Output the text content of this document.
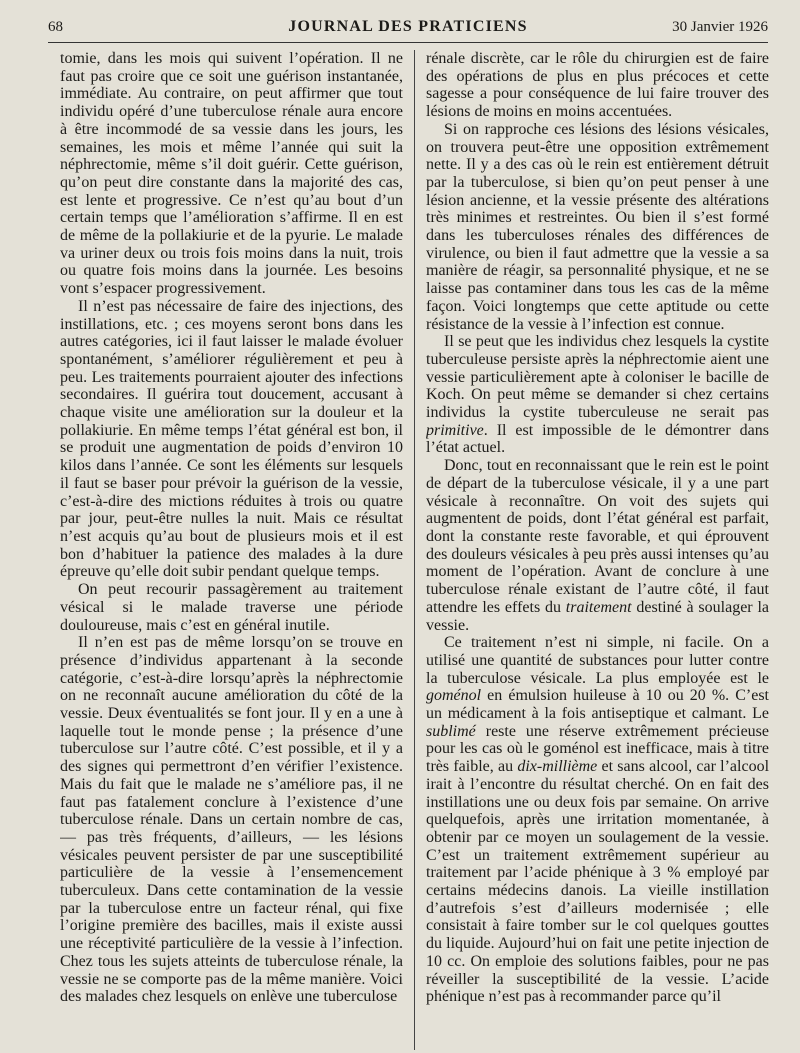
68	JOURNAL DES PRATICIENS	30 Janvier 1926

tomie, dans les mois qui suivent l’opération. Il ne faut pas croire que ce soit une guérison instantanée, immédiate. Au contraire, on peut affirmer que tout individu opéré d’une tuberculose rénale aura encore à être incommodé de sa vessie dans les jours, les semaines, les mois et même l’année qui suit la néphrectomie, même s’il doit guérir. Cette guérison, qu’on peut dire constante dans la majorité des cas, est lente et progressive. Ce n’est qu’au bout d’un certain temps que l’amélioration s’affirme. Il en est de même de la pollakiurie et de la pyurie. Le malade va uriner deux ou trois fois moins dans la nuit, trois ou quatre fois moins dans la journée. Les besoins vont s’espacer progressivement.

Il n’est pas nécessaire de faire des injections, des instillations, etc. ; ces moyens seront bons dans les autres catégories, ici il faut laisser le malade évoluer spontanément, s’améliorer régulièrement et peu à peu. Les traitements pourraient ajouter des infections secondaires. Il guérira tout doucement, accusant à chaque visite une amélioration sur la douleur et la pollakiurie. En même temps l’état général est bon, il se produit une augmentation de poids d’environ 10 kilos dans l’année. Ce sont les éléments sur lesquels il faut se baser pour prévoir la guérison de la vessie, c’est-à-dire des mictions réduites à trois ou quatre par jour, peut-être nulles la nuit. Mais ce résultat n’est acquis qu’au bout de plusieurs mois et il est bon d’habituer la patience des malades à la dure épreuve qu’elle doit subir pendant quelque temps.

On peut recourir passagèrement au traitement vésical si le malade traverse une période douloureuse, mais c’est en général inutile.

Il n’en est pas de même lorsqu’on se trouve en présence d’individus appartenant à la seconde catégorie, c’est-à-dire lorsqu’après la néphrectomie on ne reconnaît aucune amélioration du côté de la vessie. Deux éventualités se font jour. Il y en a une à laquelle tout le monde pense ; la présence d’une tuberculose sur l’autre côté. C’est possible, et il y a des signes qui permettront d’en vérifier l’existence. Mais du fait que le malade ne s’améliore pas, il ne faut pas fatalement conclure à l’existence d’une tuberculose rénale. Dans un certain nombre de cas, — pas très fréquents, d’ailleurs, — les lésions vésicales peuvent persister de par une susceptibilité particulière de la vessie à l’ensemencement tuberculeux. Dans cette contamination de la vessie par la tuberculose entre un facteur rénal, qui fixe l’origine première des bacilles, mais il existe aussi une réceptivité particulière de la vessie à l’infection. Chez tous les sujets atteints de tuberculose rénale, la vessie ne se comporte pas de la même manière. Voici des malades chez lesquels on enlève une tuberculose

rénale discrète, car le rôle du chirurgien est de faire des opérations de plus en plus précoces et cette sagesse a pour conséquence de lui faire trouver des lésions de moins en moins accentuées.

Si on rapproche ces lésions des lésions vésicales, on trouvera peut-être une opposition extrêmement nette. Il y a des cas où le rein est entièrement détruit par la tuberculose, si bien qu’on peut penser à une lésion ancienne, et la vessie présente des altérations très minimes et restreintes. Ou bien il s’est formé dans les tuberculoses rénales des différences de virulence, ou bien il faut admettre que la vessie a sa manière de réagir, sa personnalité physique, et ne se laisse pas contaminer dans tous les cas de la même façon. Voici longtemps que cette aptitude ou cette résistance de la vessie à l’infection est connue.

Il se peut que les individus chez lesquels la cystite tuberculeuse persiste après la néphrectomie aient une vessie particulièrement apte à coloniser le bacille de Koch. On peut même se demander si chez certains individus la cystite tuberculeuse ne serait pas primitive. Il est impossible de le démontrer dans l’état actuel.

Donc, tout en reconnaissant que le rein est le point de départ de la tuberculose vésicale, il y a une part vésicale à reconnaître. On voit des sujets qui augmentent de poids, dont l’état général est parfait, dont la constante reste favorable, et qui éprouvent des douleurs vésicales à peu près aussi intenses qu’au moment de l’opération. Avant de conclure à une tuberculose rénale existant de l’autre côté, il faut attendre les effets du traitement destiné à soulager la vessie.

Ce traitement n’est ni simple, ni facile. On a utilisé une quantité de substances pour lutter contre la tuberculose vésicale. La plus employée est le goménol en émulsion huileuse à 10 ou 20 %. C’est un médicament à la fois antiseptique et calmant. Le sublimé reste une réserve extrêmement précieuse pour les cas où le goménol est inefficace, mais à titre très faible, au dix-millième et sans alcool, car l’alcool irait à l’encontre du résultat cherché. On en fait des instillations une ou deux fois par semaine. On arrive quelquefois, après une irritation momentanée, à obtenir par ce moyen un soulagement de la vessie. C’est un traitement extrêmement supérieur au traitement par l’acide phénique à 3 % employé par certains médecins danois. La vieille instillation d’autrefois s’est d’ailleurs modernisée ; elle consistait à faire tomber sur le col quelques gouttes du liquide. Aujourd’hui on fait une petite injection de 10 cc. On emploie des solutions faibles, pour ne pas réveiller la susceptibilité de la vessie. L’acide phénique n’est pas à recommander parce qu’il
